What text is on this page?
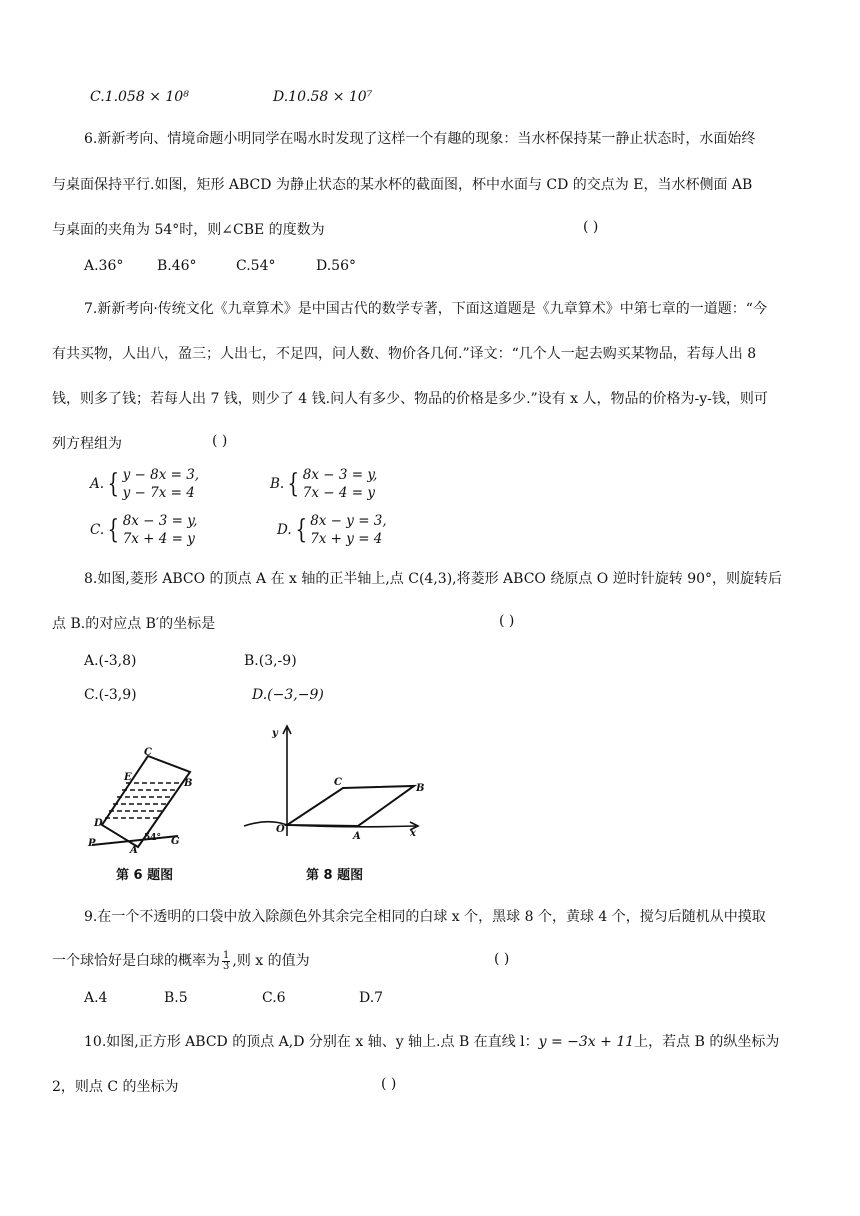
C.1.058 × 10⁸	D.10.58 × 10⁷
6.新新考向、情境命题小明同学在喝水时发现了这样一个有趣的现象：当水杯保持某一静止状态时，水面始终
与桌面保持平行.如图，矩形 ABCD 为静止状态的某水杯的截面图，杯中水面与 CD 的交点为 E，当水杯侧面 AB
与桌面的夹角为 54°时，则∠CBE 的度数为	( )
A.36° B.46°	C.54°	D.56°
7.新新考向·传统文化《九章算术》是中国古代的数学专著，下面这道题是《九章算术》中第七章的一道题：“今
有共买物，人出八，盈三；人出七，不足四，问人数、物价各几何.”译文：“几个人一起去购买某物品，若每人出 8
钱，则多了钱；若每人出 7 钱，则少了 4 钱.问人有多少、物品的价格是多少.”设有 x 人，物品的价格为-y-钱，则可
列方程组为	( )
A. { y − 8x = 3,
y − 7x = 4
B. { 8x − 3 = y,
7x − 4 = y
C. { 8x − 3 = y,
7x + 4 = y
D. { 8x − y = 3,
7x + y = 4
8.如图,菱形 ABCO 的顶点 A 在 x 轴的正半轴上,点 C(4,3),将菱形 ABCO 绕原点 O 逆时针旋转 90°，则旋转后
点 B.的对应点 B′的坐标是	( )
A.(-3,8)	B.(3,-9)
C.(-3,9)	D.(−3,−9)
C
E
B
D
54°
P
A
G
第 6 题图
y
C
B
O
A	x
第 8 题图
9.在一个不透明的口袋中放入除颜色外其余完全相同的白球 x 个，黑球 8 个，黄球 4 个，搅匀后随机从中摸取
一个球恰好是白球的概率为 $\frac{1}{3}$ ,则 x 的值为	( )
A.4	B.5	C.6	D.7
10.如图,正方形 ABCD 的顶点 A,D 分别在 x 轴、y 轴上.点 B 在直线 l：y = −3x + 11上，若点 B 的纵坐标为
2，则点 C 的坐标为	( )
